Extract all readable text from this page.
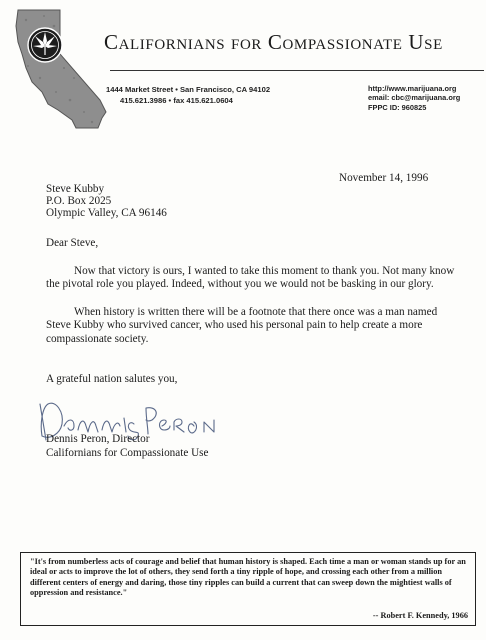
Californians for Compassionate Use
1444 Market Street • San Francisco, CA 94102
415.621.3986 • fax 415.621.0604
http://www.marijuana.org
email: cbc@marijuana.org
FPPC ID: 960825
November 14, 1996
Steve Kubby
P.O. Box 2025
Olympic Valley, CA 96146
Dear Steve,
Now that victory is ours, I wanted to take this moment to thank you. Not many know the pivotal role you played. Indeed, without you we would not be basking in our glory.
When history is written there will be a footnote that there once was a man named Steve Kubby who survived cancer, who used his personal pain to help create a more compassionate society.
A grateful nation salutes you,
Dennis Peron, Director
Californians for Compassionate Use
"It's from numberless acts of courage and belief that human history is shaped. Each time a man or woman stands up for an ideal or acts to improve the lot of others, they send forth a tiny ripple of hope, and crossing each other from a million different centers of energy and daring, those tiny ripples can build a current that can sweep down the mightiest walls of oppression and resistance."
-- Robert F. Kennedy, 1966
